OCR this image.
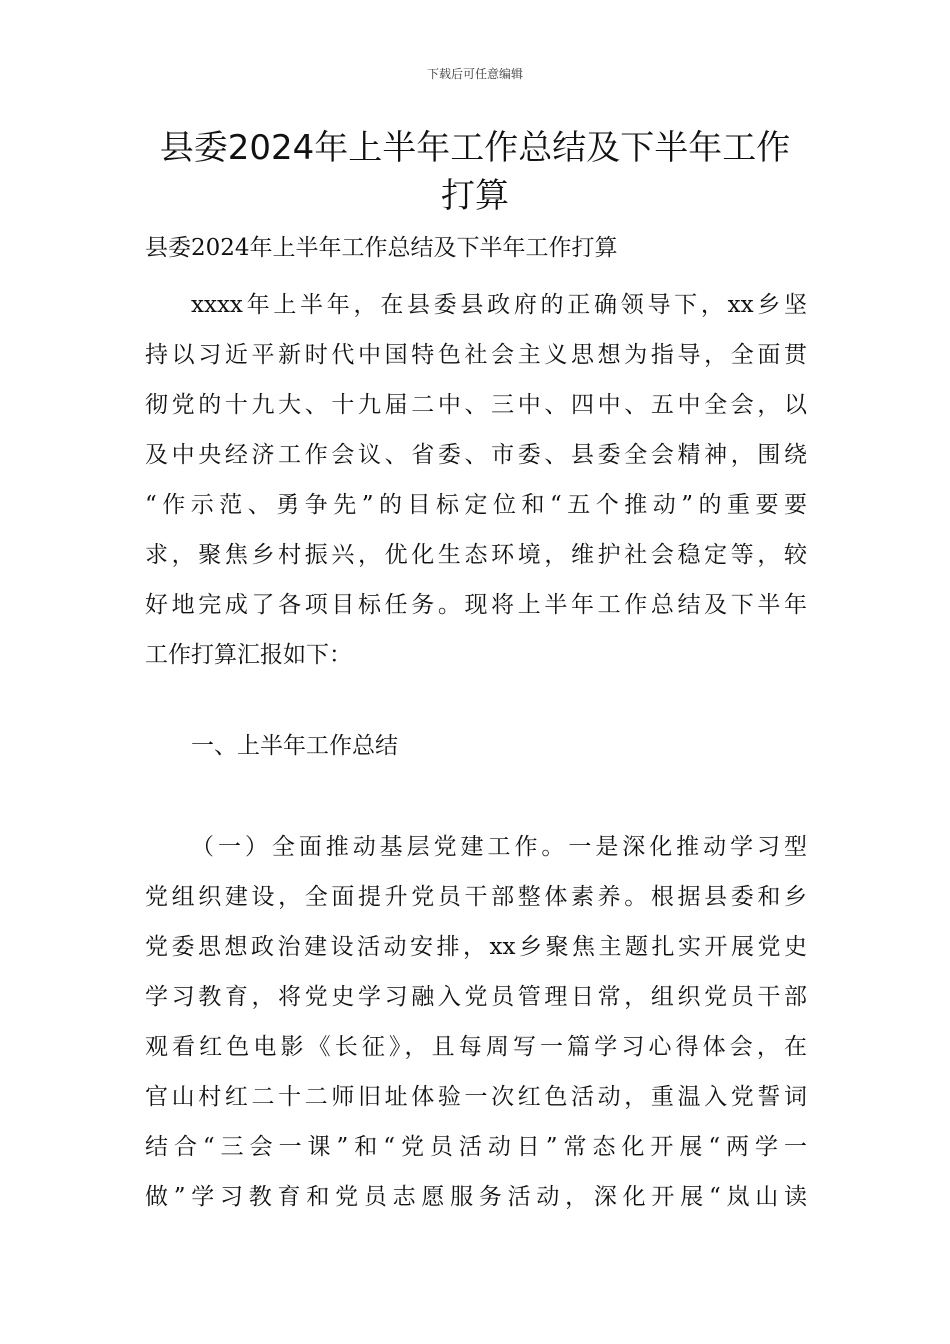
下载后可任意编辑
县委2024年上半年工作总结及下半年工作
打算
县委2024年上半年工作总结及下半年工作打算
xxxx年上半年，在县委县政府的正确领导下，xx乡坚
持以习近平新时代中国特色社会主义思想为指导，全面贯
彻党的十九大、十九届二中、三中、四中、五中全会，以
及中央经济工作会议、省委、市委、县委全会精神，围绕
“作示范、勇争先”的目标定位和“五个推动”的重要要
求，聚焦乡村振兴，优化生态环境，维护社会稳定等，较
好地完成了各项目标任务。现将上半年工作总结及下半年
工作打算汇报如下：
一、上半年工作总结
（一）全面推动基层党建工作。一是深化推动学习型
党组织建设，全面提升党员干部整体素养。根据县委和乡
党委思想政治建设活动安排，xx乡聚焦主题扎实开展党史
学习教育，将党史学习融入党员管理日常，组织党员干部
观看红色电影《长征》，且每周写一篇学习心得体会，在
官山村红二十二师旧址体验一次红色活动，重温入党誓词
结合“三会一课”和“党员活动日”常态化开展“两学一
做”学习教育和党员志愿服务活动，深化开展“岚山读
